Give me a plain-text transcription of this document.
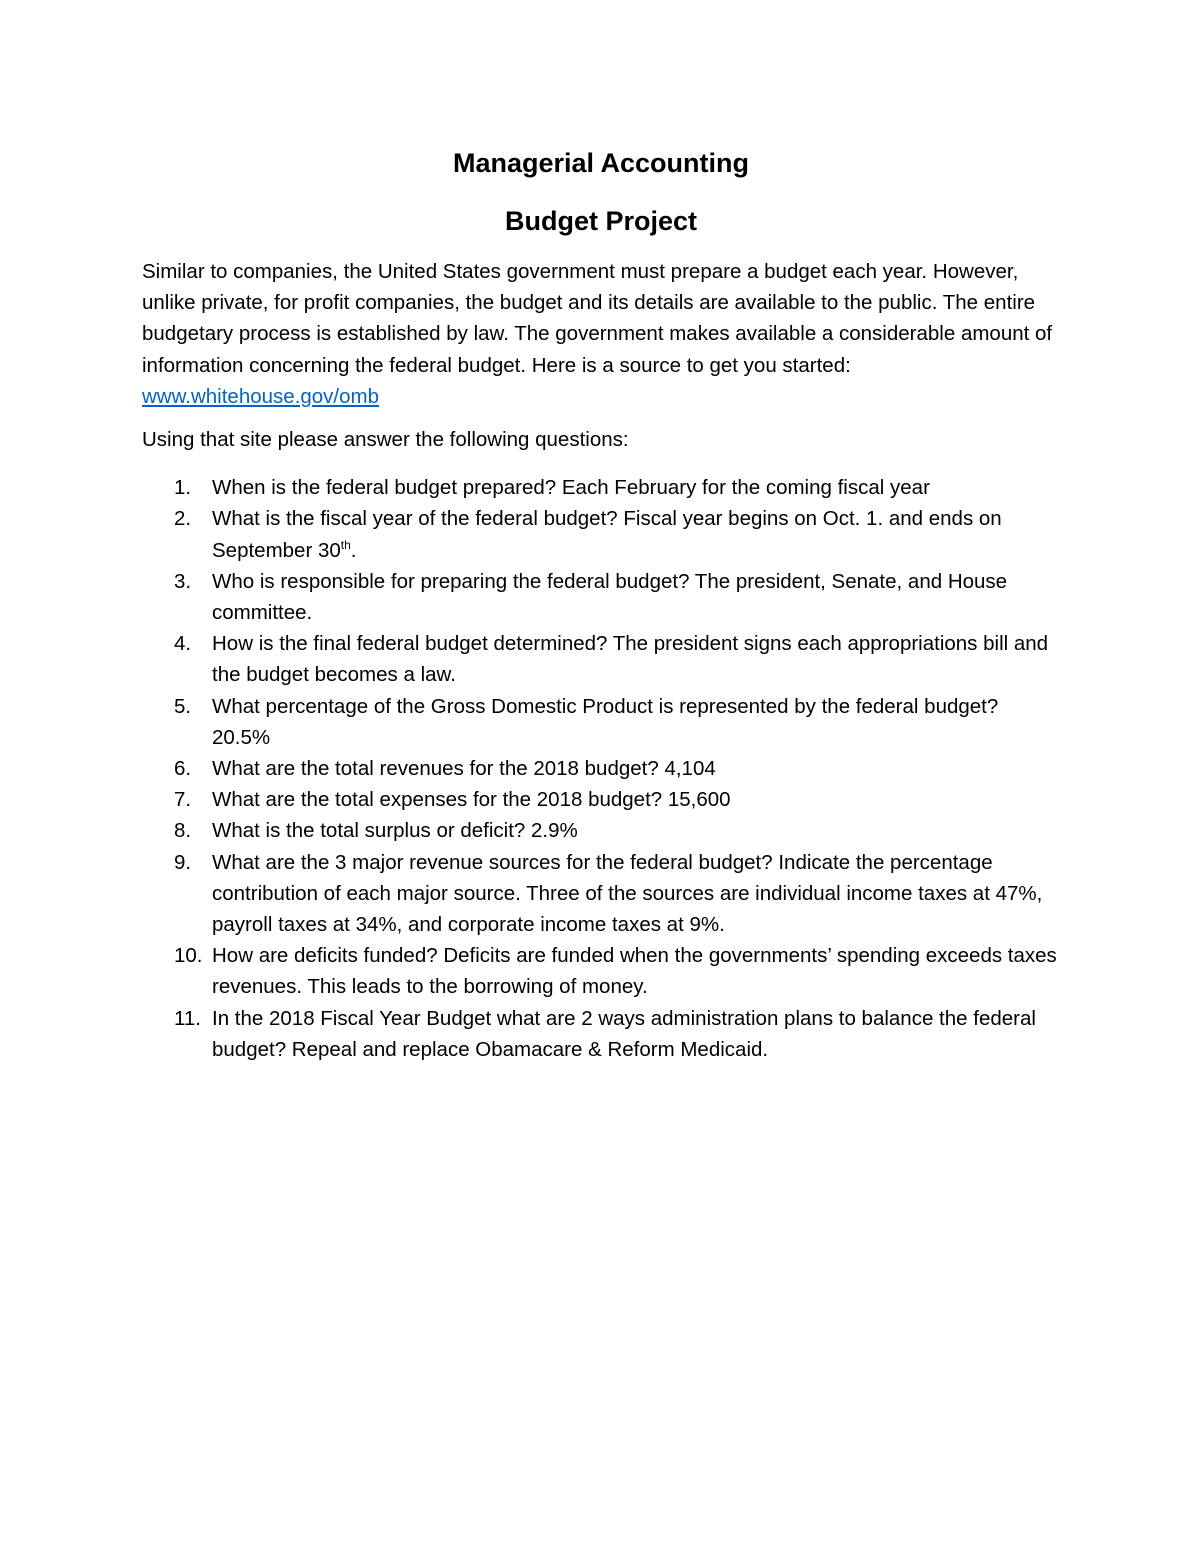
Managerial Accounting
Budget Project

Similar to companies, the United States government must prepare a budget each year. However, unlike private, for profit companies, the budget and its details are available to the public. The entire budgetary process is established by law. The government makes available a considerable amount of information concerning the federal budget. Here is a source to get you started: www.whitehouse.gov/omb

Using that site please answer the following questions:

1. When is the federal budget prepared? Each February for the coming fiscal year
2. What is the fiscal year of the federal budget? Fiscal year begins on Oct. 1. and ends on September 30th.
3. Who is responsible for preparing the federal budget? The president, Senate, and House committee.
4. How is the final federal budget determined? The president signs each appropriations bill and the budget becomes a law.
5. What percentage of the Gross Domestic Product is represented by the federal budget? 20.5%
6. What are the total revenues for the 2018 budget? 4,104
7. What are the total expenses for the 2018 budget? 15,600
8. What is the total surplus or deficit? 2.9%
9. What are the 3 major revenue sources for the federal budget? Indicate the percentage contribution of each major source. Three of the sources are individual income taxes at 47%, payroll taxes at 34%, and corporate income taxes at 9%.
10. How are deficits funded? Deficits are funded when the governments’ spending exceeds taxes revenues. This leads to the borrowing of money.
11. In the 2018 Fiscal Year Budget what are 2 ways administration plans to balance the federal budget? Repeal and replace Obamacare & Reform Medicaid.
